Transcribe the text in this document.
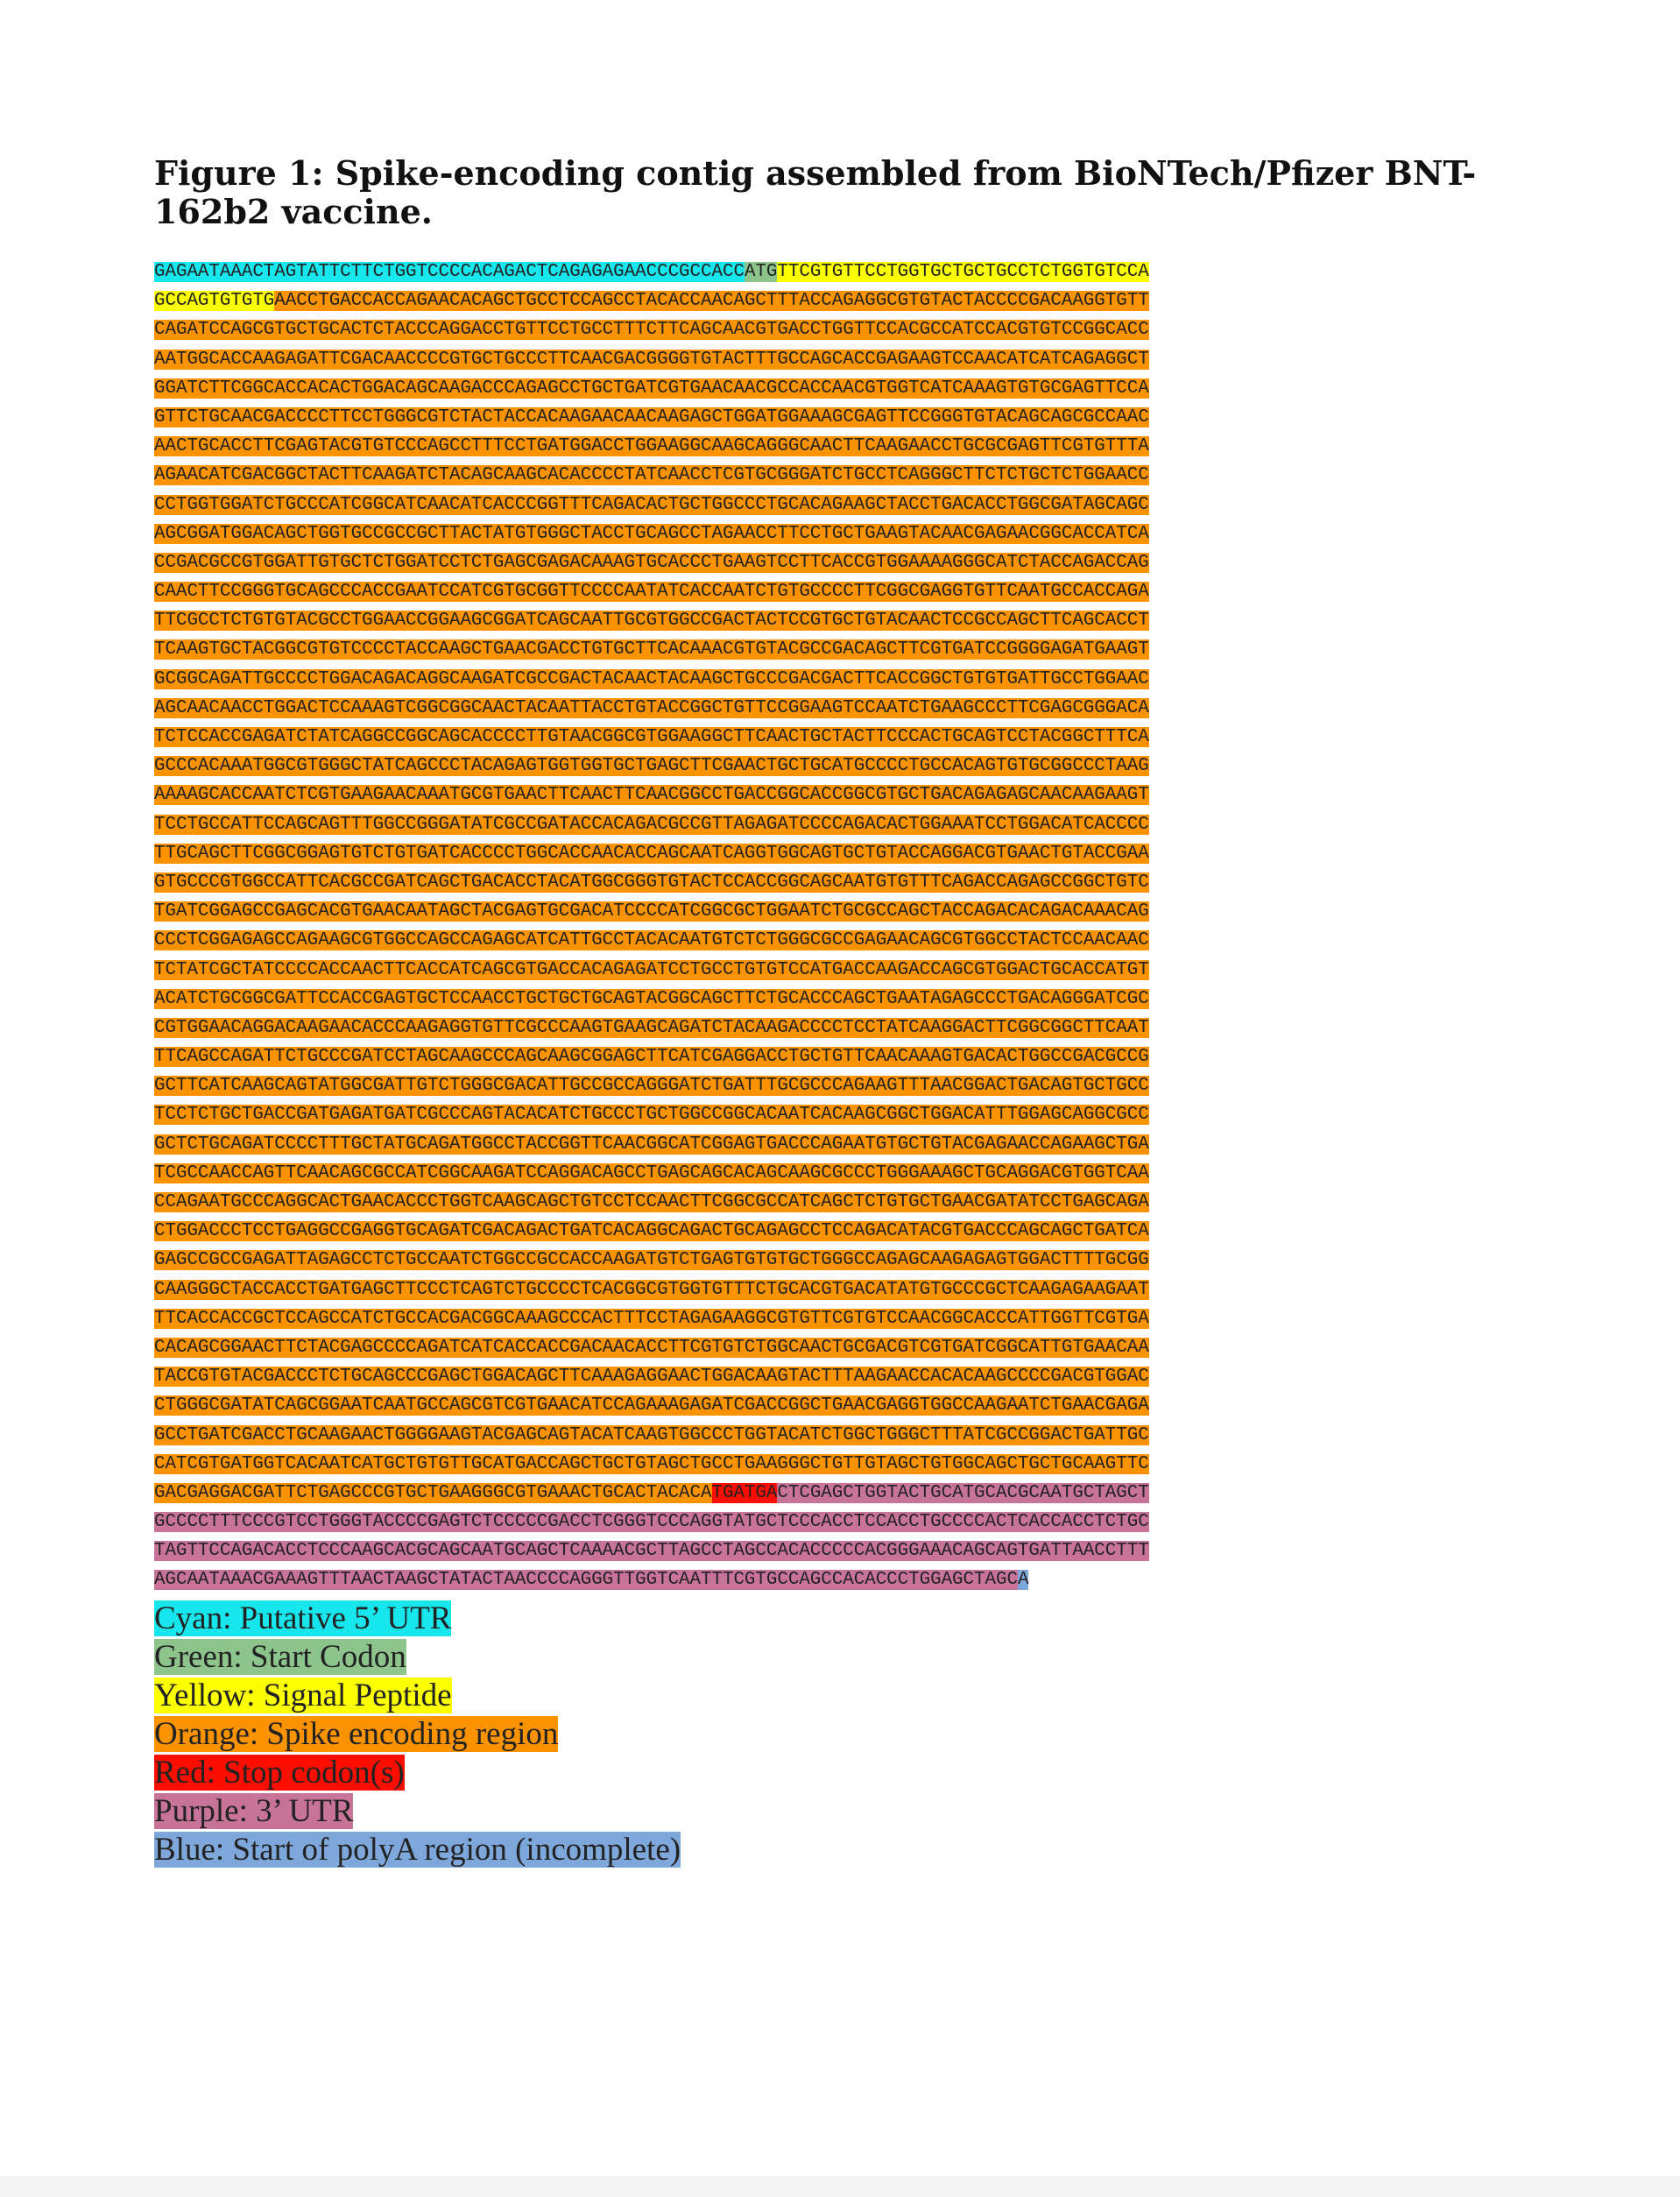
Figure 1: Spike-encoding contig assembled from BioNTech/Pfizer BNT-162b2 vaccine.
GAGAATAAACTAGTATTCTTCTGGTCCCCACAGACTCAGAGAGAACCCGCCACCATGTTCGTGTTCCTGGTGCTGCTGCCTCTGGTGTCCA
GCCAGTGTGTGAACCTGACCACCAGAACACAGCTGCCTCCAGCCTACACCAACAGCTTTACCAGAGGCGTGTACTACCCCGACAAGGTGTT
CAGATCCAGCGTGCTGCACTCTACCCAGGACCTGTTCCTGCCTTTCTTCAGCAACGTGACCTGGTTCCACGCCATCCACGTGTCCGGCACC
AATGGCACCAAGAGATTCGACAACCCCGTGCTGCCCTTCAACGACGGGGTGTACTTTGCCAGCACCGAGAAGTCCAACATCATCAGAGGCT
GGATCTTCGGCACCACACTGGACAGCAAGACCCAGAGCCTGCTGATCGTGAACAACGCCACCAACGTGGTCATCAAAGTGTGCGAGTTCCA
GTTCTGCAACGACCCCTTCCTGGGCGTCTACTACCACAAGAACAACAAGAGCTGGATGGAAAGCGAGTTCCGGGTGTACAGCAGCGCCAAC
AACTGCACCTTCGAGTACGTGTCCCAGCCTTTCCTGATGGACCTGGAAGGCAAGCAGGGCAACTTCAAGAACCTGCGCGAGTTCGTGTTTA
AGAACATCGACGGCTACTTCAAGATCTACAGCAAGCACACCCCTATCAACCTCGTGCGGGATCTGCCTCAGGGCTTCTCTGCTCTGGAACC
CCTGGTGGATCTGCCCATCGGCATCAACATCACCCGGTTTCAGACACTGCTGGCCCTGCACAGAAGCTACCTGACACCTGGCGATAGCAGC
AGCGGATGGACAGCTGGTGCCGCCGCTTACTATGTGGGCTACCTGCAGCCTAGAACCTTCCTGCTGAAGTACAACGAGAACGGCACCATCA
CCGACGCCGTGGATTGTGCTCTGGATCCTCTGAGCGAGACAAAGTGCACCCTGAAGTCCTTCACCGTGGAAAAGGGCATCTACCAGACCAG
CAACTTCCGGGTGCAGCCCACCGAATCCATCGTGCGGTTCCCCAATATCACCAATCTGTGCCCCTTCGGCGAGGTGTTCAATGCCACCAGA
TTCGCCTCTGTGTACGCCTGGAACCGGAAGCGGATCAGCAATTGCGTGGCCGACTACTCCGTGCTGTACAACTCCGCCAGCTTCAGCACCT
TCAAGTGCTACGGCGTGTCCCCTACCAAGCTGAACGACCTGTGCTTCACAAACGTGTACGCCGACAGCTTCGTGATCCGGGGAGATGAAGT
GCGGCAGATTGCCCCTGGACAGACAGGCAAGATCGCCGACTACAACTACAAGCTGCCCGACGACTTCACCGGCTGTGTGATTGCCTGGAAC
AGCAACAACCTGGACTCCAAAGTCGGCGGCAACTACAATTACCTGTACCGGCTGTTCCGGAAGTCCAATCTGAAGCCCTTCGAGCGGGACA
TCTCCACCGAGATCTATCAGGCCGGCAGCACCCCTTGTAACGGCGTGGAAGGCTTCAACTGCTACTTCCCACTGCAGTCCTACGGCTTTCA
GCCCACAAATGGCGTGGGCTATCAGCCCTACAGAGTGGTGGTGCTGAGCTTCGAACTGCTGCATGCCCCTGCCACAGTGTGCGGCCCTAAG
AAAAGCACCAATCTCGTGAAGAACAAATGCGTGAACTTCAACTTCAACGGCCTGACCGGCACCGGCGTGCTGACAGAGAGCAACAAGAAGT
TCCTGCCATTCCAGCAGTTTGGCCGGGATATCGCCGATACCACAGACGCCGTTAGAGATCCCCAGACACTGGAAATCCTGGACATCACCCC
TTGCAGCTTCGGCGGAGTGTCTGTGATCACCCCTGGCACCAACACCAGCAATCAGGTGGCAGTGCTGTACCAGGACGTGAACTGTACCGAA
GTGCCCGTGGCCATTCACGCCGATCAGCTGACACCTACATGGCGGGTGTACTCCACCGGCAGCAATGTGTTTCAGACCAGAGCCGGCTGTC
TGATCGGAGCCGAGCACGTGAACAATAGCTACGAGTGCGACATCCCCATCGGCGCTGGAATCTGCGCCAGCTACCAGACACAGACAAACAG
CCCTCGGAGAGCCAGAAGCGTGGCCAGCCAGAGCATCATTGCCTACACAATGTCTCTGGGCGCCGAGAACAGCGTGGCCTACTCCAACAAC
TCTATCGCTATCCCCACCAACTTCACCATCAGCGTGACCACAGAGATCCTGCCTGTGTCCATGACCAAGACCAGCGTGGACTGCACCATGT
ACATCTGCGGCGATTCCACCGAGTGCTCCAACCTGCTGCTGCAGTACGGCAGCTTCTGCACCCAGCTGAATAGAGCCCTGACAGGGATCGC
CGTGGAACAGGACAAGAACACCCAAGAGGTGTTCGCCCAAGTGAAGCAGATCTACAAGACCCCTCCTATCAAGGACTTCGGCGGCTTCAAT
TTCAGCCAGATTCTGCCCGATCCTAGCAAGCCCAGCAAGCGGAGCTTCATCGAGGACCTGCTGTTCAACAAAGTGACACTGGCCGACGCCG
GCTTCATCAAGCAGTATGGCGATTGTCTGGGCGACATTGCCGCCAGGGATCTGATTTGCGCCCAGAAGTTTAACGGACTGACAGTGCTGCC
TCCTCTGCTGACCGATGAGATGATCGCCCAGTACACATCTGCCCTGCTGGCCGGCACAATCACAAGCGGCTGGACATTTGGAGCAGGCGCC
GCTCTGCAGATCCCCTTTGCTATGCAGATGGCCTACCGGTTCAACGGCATCGGAGTGACCCAGAATGTGCTGTACGAGAACCAGAAGCTGA
TCGCCAACCAGTTCAACAGCGCCATCGGCAAGATCCAGGACAGCCTGAGCAGCACAGCAAGCGCCCTGGGAAAGCTGCAGGACGTGGTCAA
CCAGAATGCCCAGGCACTGAACACCCTGGTCAAGCAGCTGTCCTCCAACTTCGGCGCCATCAGCTCTGTGCTGAACGATATCCTGAGCAGA
CTGGACCCTCCTGAGGCCGAGGTGCAGATCGACAGACTGATCACAGGCAGACTGCAGAGCCTCCAGACATACGTGACCCAGCAGCTGATCA
GAGCCGCCGAGATTAGAGCCTCTGCCAATCTGGCCGCCACCAAGATGTCTGAGTGTGTGCTGGGCCAGAGCAAGAGAGTGGACTTTTGCGG
CAAGGGCTACCACCTGATGAGCTTCCCTCAGTCTGCCCCTCACGGCGTGGTGTTTCTGCACGTGACATATGTGCCCGCTCAAGAGAAGAAT
TTCACCACCGCTCCAGCCATCTGCCACGACGGCAAAGCCCACTTTCCTAGAGAAGGCGTGTTCGTGTCCAACGGCACCCATTGGTTCGTGA
CACAGCGGAACTTCTACGAGCCCCAGATCATCACCACCGACAACACCTTCGTGTCTGGCAACTGCGACGTCGTGATCGGCATTGTGAACAA
TACCGTGTACGACCCTCTGCAGCCCGAGCTGGACAGCTTCAAAGAGGAACTGGACAAGTACTTTAAGAACCACACAAGCCCCGACGTGGAC
CTGGGCGATATCAGCGGAATCAATGCCAGCGTCGTGAACATCCAGAAAGAGATCGACCGGCTGAACGAGGTGGCCAAGAATCTGAACGAGA
GCCTGATCGACCTGCAAGAACTGGGGAAGTACGAGCAGTACATCAAGTGGCCCTGGTACATCTGGCTGGGCTTTATCGCCGGACTGATTGC
CATCGTGATGGTCACAATCATGCTGTGTTGCATGACCAGCTGCTGTAGCTGCCTGAAGGGCTGTTGTAGCTGTGGCAGCTGCTGCAAGTTC
GACGAGGACGATTCTGAGCCCGTGCTGAAGGGCGTGAAACTGCACTACACATGATGACTCGAGCTGGTACTGCATGCACGCAATGCTAGCT
GCCCCTTTCCCGTCCTGGGTACCCCGAGTCTCCCCCGACCTCGGGTCCCAGGTATGCTCCCACCTCCACCTGCCCCACTCACCACCTCTGC
TAGTTCCAGACACCTCCCAAGCACGCAGCAATGCAGCTCAAAACGCTTAGCCTAGCCACACCCCCACGGGAAACAGCAGTGATTAACCTTT
AGCAATAAACGAAAGTTTAACTAAGCTATACTAACCCCAGGGTTGGTCAATTTCGTGCCAGCCACACCCTGGAGCTAGCA
Cyan: Putative 5’ UTR
Green: Start Codon
Yellow: Signal Peptide
Orange: Spike encoding region
Red: Stop codon(s)
Purple: 3’ UTR
Blue: Start of polyA region (incomplete)
